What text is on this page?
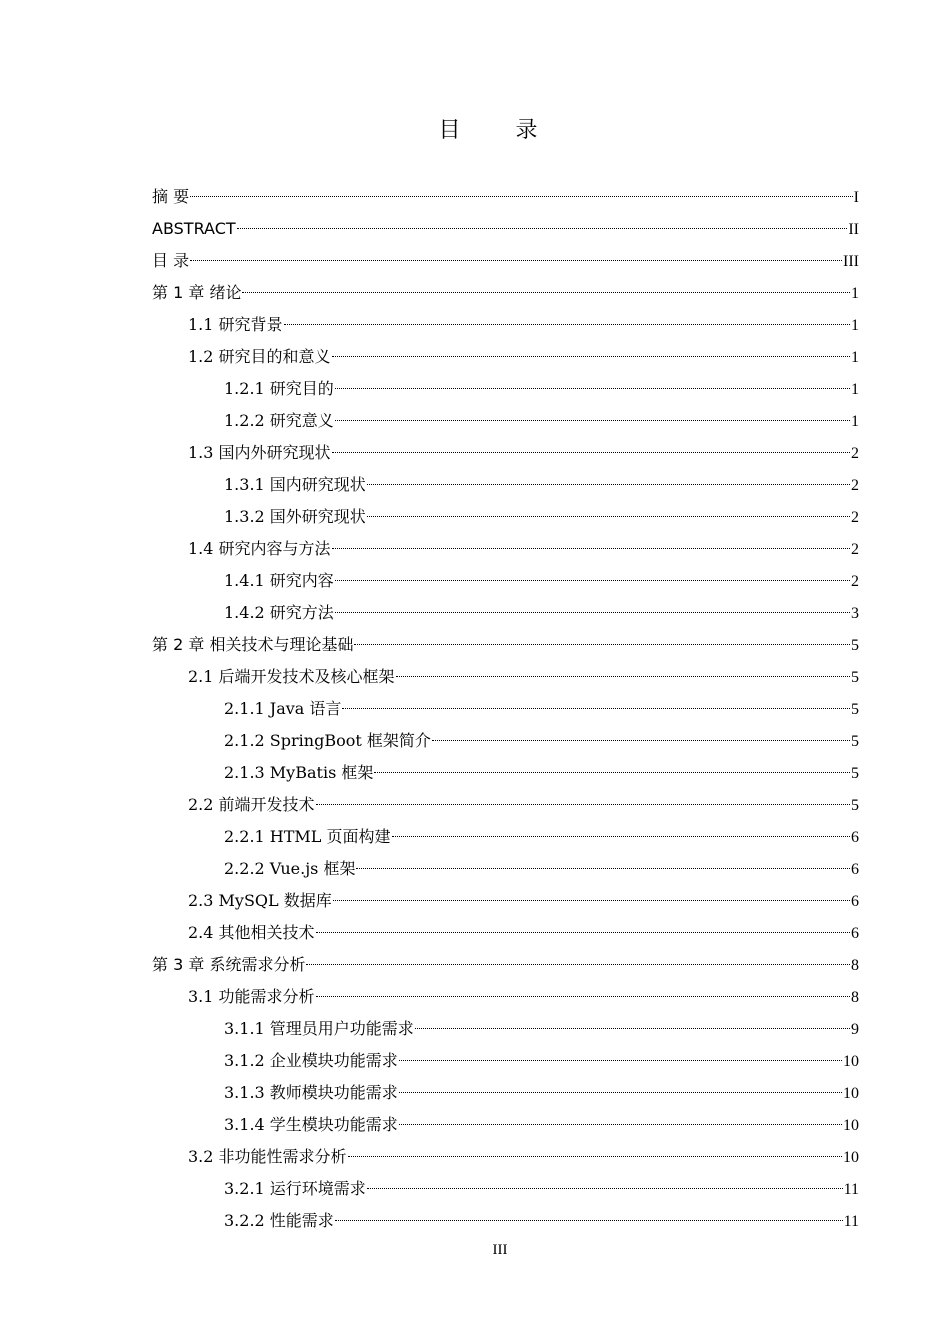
目 录
摘 要	I
ABSTRACT	II
目 录	III
第 1 章 绪论	1
1.1 研究背景	1
1.2 研究目的和意义	1
1.2.1 研究目的	1
1.2.2 研究意义	1
1.3 国内外研究现状	2
1.3.1 国内研究现状	2
1.3.2 国外研究现状	2
1.4 研究内容与方法	2
1.4.1 研究内容	2
1.4.2 研究方法	3
第 2 章 相关技术与理论基础	5
2.1 后端开发技术及核心框架	5
2.1.1 Java 语言	5
2.1.2 SpringBoot 框架简介	5
2.1.3 MyBatis 框架	5
2.2 前端开发技术	5
2.2.1 HTML 页面构建	6
2.2.2 Vue.js 框架	6
2.3 MySQL 数据库	6
2.4 其他相关技术	6
第 3 章 系统需求分析	8
3.1 功能需求分析	8
3.1.1 管理员用户功能需求	9
3.1.2 企业模块功能需求	10
3.1.3 教师模块功能需求	10
3.1.4 学生模块功能需求	10
3.2 非功能性需求分析	10
3.2.1 运行环境需求	11
3.2.2 性能需求	11
III
